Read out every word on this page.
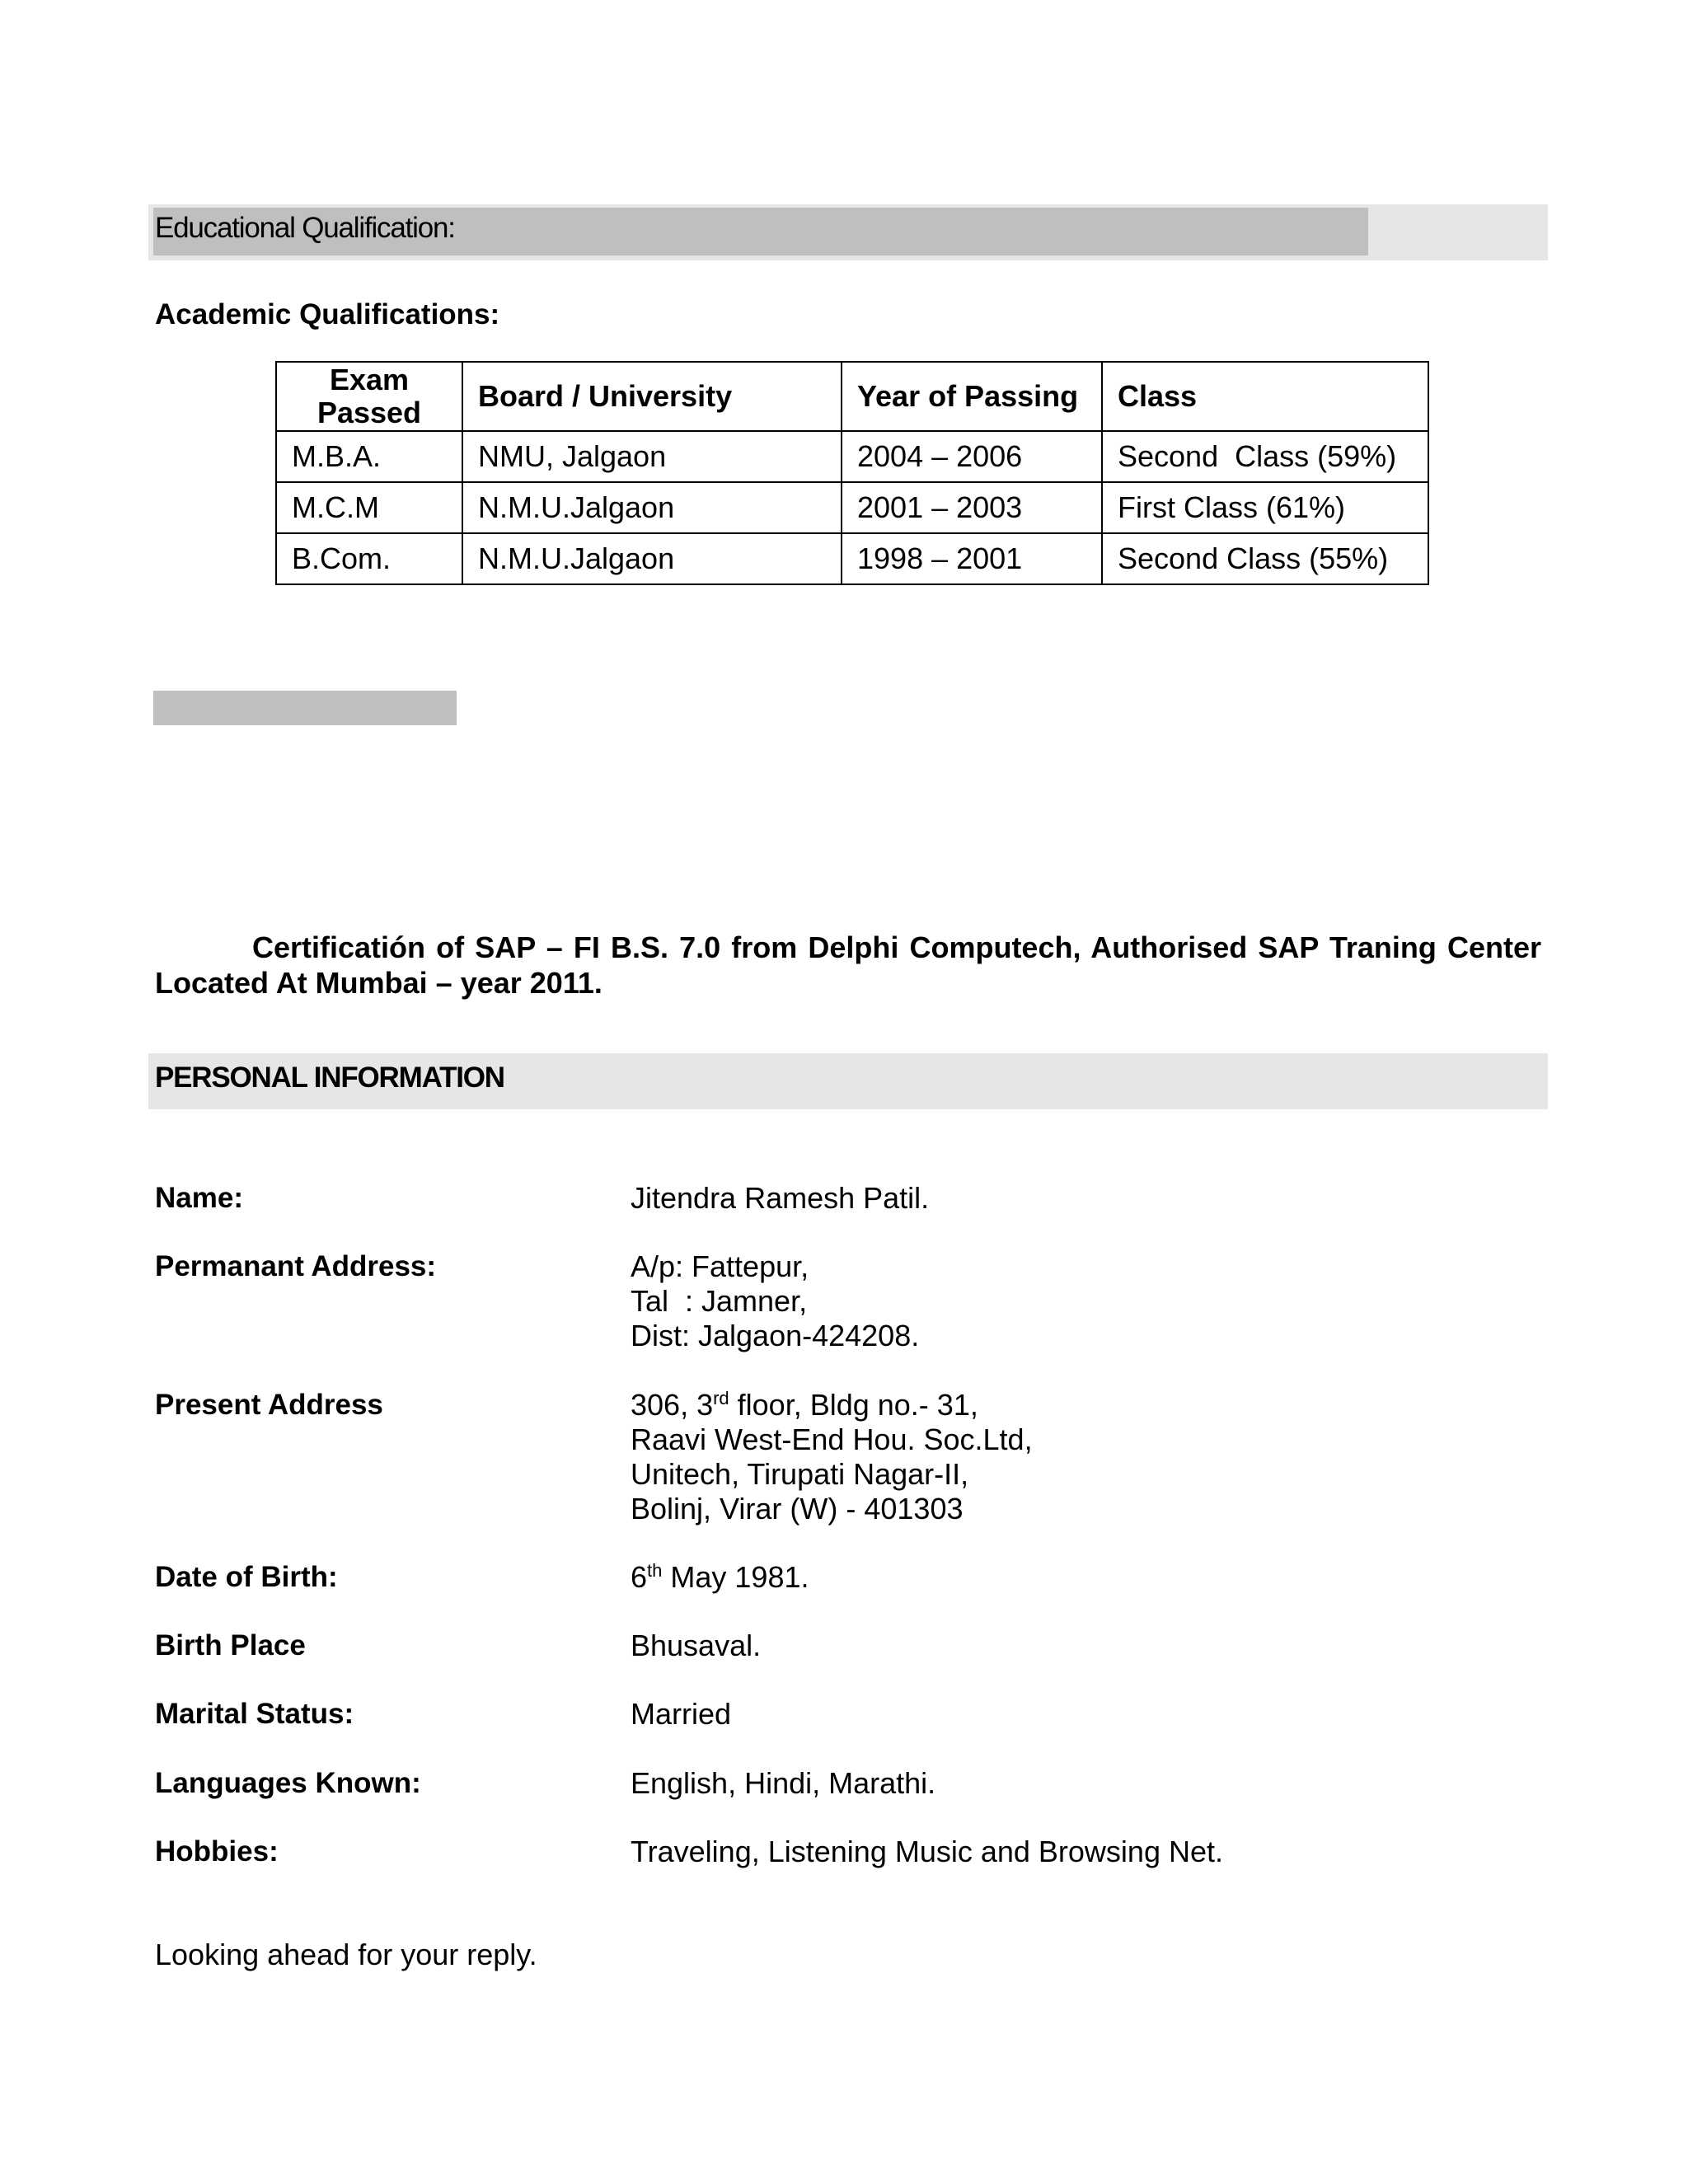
Educational Qualification:
Academic Qualifications:
Exam Passed	Board / University	Year of Passing	Class
M.B.A.	NMU, Jalgaon	2004 – 2006	Second  Class (59%)
M.C.M	N.M.U.Jalgaon	2001 – 2003	First Class (61%)
B.Com.	N.M.U.Jalgaon	1998 – 2001	Second Class (55%)
Certificatión of SAP – FI B.S. 7.0 from Delphi Computech, Authorised SAP Traning Center Located At Mumbai – year 2011.
PERSONAL INFORMATION
Name:	Jitendra Ramesh Patil.
Permanant Address:	A/p: Fattepur,
Tal  : Jamner,
Dist: Jalgaon-424208.
Present Address	306, 3rd floor, Bldg no.- 31,
Raavi West-End Hou. Soc.Ltd,
Unitech, Tirupati Nagar-II,
Bolinj, Virar (W) - 401303
Date of Birth:	6th May 1981.
Birth Place	Bhusaval.
Marital Status:	Married
Languages Known:	English, Hindi, Marathi.
Hobbies:	Traveling, Listening Music and Browsing Net.
Looking ahead for your reply.
